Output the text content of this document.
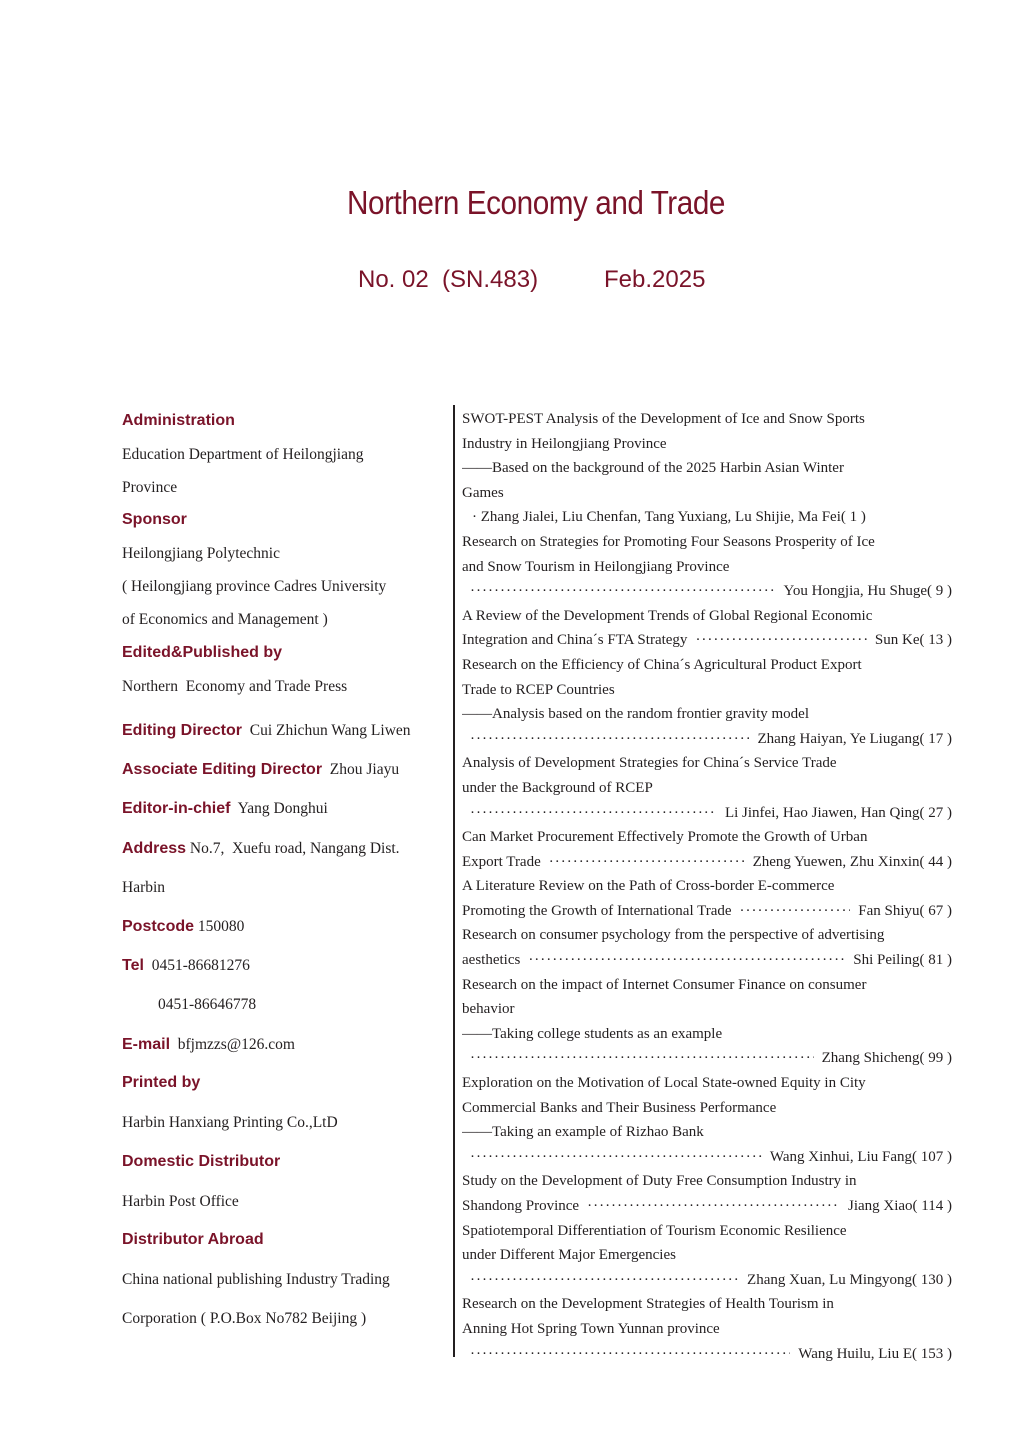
Northern Economy and Trade
No. 02  (SN.483)	Feb.2025
Administration
Education Department of Heilongjiang
Province
Sponsor
Heilongjiang Polytechnic
( Heilongjiang province Cadres University
of Economics and Management )
Edited&Published by
Northern  Economy and Trade Press
Editing Director Cui Zhichun Wang Liwen
Associate Editing Director Zhou Jiayu
Editor-in-chief Yang Donghui
Address No.7,  Xuefu road, Nangang Dist.
Harbin
Postcode 150080
Tel 0451-86681276
0451-86646778
E-mail bfjmzzs@126.com
Printed by
Harbin Hanxiang Printing Co.,LtD
Domestic Distributor
Harbin Post Office
Distributor Abroad
China national publishing Industry Trading
Corporation ( P.O.Box No782 Beijing )
SWOT-PEST Analysis of the Development of Ice and Snow Sports
Industry in Heilongjiang Province
——Based on the background of the 2025 Harbin Asian Winter
Games
· Zhang Jialei, Liu Chenfan, Tang Yuxiang, Lu Shijie, Ma Fei( 1 )
Research on Strategies for Promoting Four Seasons Prosperity of Ice
and Snow Tourism in Heilongjiang Province
·····
You Hongjia, Hu Shuge( 9 )
A Review of the Development Trends of Global Regional Economic
Integration and China´s FTA Strategy ·····	Sun Ke( 13 )
Research on the Efficiency of China´s Agricultural Product Export
Trade to RCEP Countries
——Analysis based on the random frontier gravity model
·····
Zhang Haiyan, Ye Liugang( 17 )
Analysis of Development Strategies for China´s Service Trade
under the Background of RCEP
·····
Li Jinfei, Hao Jiawen, Han Qing( 27 )
Can Market Procurement Effectively Promote the Growth of Urban
Export Trade ·····	Zheng Yuewen, Zhu Xinxin( 44 )
A Literature Review on the Path of Cross-border E-commerce
Promoting the Growth of International Trade ·····	Fan Shiyu( 67 )
Research on consumer psychology from the perspective of advertising
aesthetics ·····	Shi Peiling( 81 )
Research on the impact of Internet Consumer Finance on consumer
behavior
——Taking college students as an example
·····
Zhang Shicheng( 99 )
Exploration on the Motivation of Local State-owned Equity in City
Commercial Banks and Their Business Performance
——Taking an example of Rizhao Bank
·····
Wang Xinhui, Liu Fang( 107 )
Study on the Development of Duty Free Consumption Industry in
Shandong Province ·····	Jiang Xiao( 114 )
Spatiotemporal Differentiation of Tourism Economic Resilience
under Different Major Emergencies
·····
Zhang Xuan, Lu Mingyong( 130 )
Research on the Development Strategies of Health Tourism in
Anning Hot Spring Town Yunnan province
·····
Wang Huilu, Liu E( 153 )
